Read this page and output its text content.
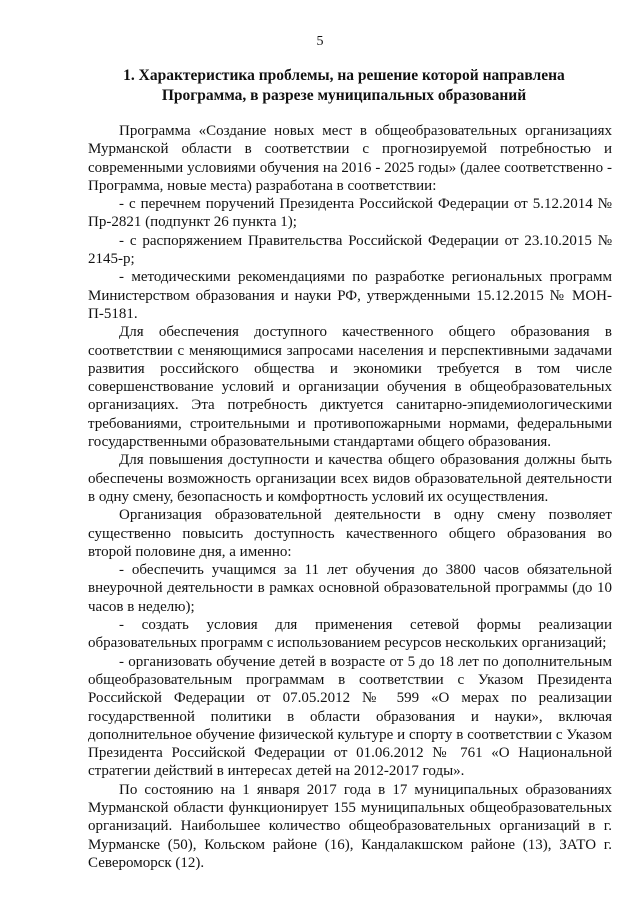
5
1. Характеристика проблемы, на решение которой направлена
Программа, в разрезе муниципальных образований

Программа «Создание новых мест в общеобразовательных организациях Мурманской области в соответствии с прогнозируемой потребностью и современными условиями обучения на 2016 - 2025 годы» (далее соответственно - Программа, новые места) разработана в соответствии:

- с перечнем поручений Президента Российской Федерации от 5.12.2014 № Пр-2821 (подпункт 26 пункта 1);

- с распоряжением Правительства Российской Федерации от 23.10.2015 № 2145-р;

- методическими рекомендациями по разработке региональных программ Министерством образования и науки РФ, утвержденными 15.12.2015 № МОН-П-5181.

Для обеспечения доступного качественного общего образования в соответствии с меняющимися запросами населения и перспективными задачами развития российского общества и экономики требуется в том числе совершенствование условий и организации обучения в общеобразовательных организациях. Эта потребность диктуется санитарно-эпидемиологическими требованиями, строительными и противопожарными нормами, федеральными государственными образовательными стандартами общего образования.

Для повышения доступности и качества общего образования должны быть обеспечены возможность организации всех видов образовательной деятельности в одну смену, безопасность и комфортность условий их осуществления.

Организация образовательной деятельности в одну смену позволяет существенно повысить доступность качественного общего образования во второй половине дня, а именно:

- обеспечить учащимся за 11 лет обучения до 3800 часов обязательной внеурочной деятельности в рамках основной образовательной программы (до 10 часов в неделю);

- создать условия для применения сетевой формы реализации образовательных программ с использованием ресурсов нескольких организаций;

- организовать обучение детей в возрасте от 5 до 18 лет по дополнительным общеобразовательным программам в соответствии с Указом Президента Российской Федерации от 07.05.2012 № 599 «О мерах по реализации государственной политики в области образования и науки», включая дополнительное обучение физической культуре и спорту в соответствии с Указом Президента Российской Федерации от 01.06.2012 № 761 «О Национальной стратегии действий в интересах детей на 2012-2017 годы».

По состоянию на 1 января 2017 года в 17 муниципальных образованиях Мурманской области функционирует 155 муниципальных общеобразовательных организаций. Наибольшее количество общеобразовательных организаций в г. Мурманске (50), Кольском районе (16), Кандалакшском районе (13), ЗАТО г. Североморск (12).
